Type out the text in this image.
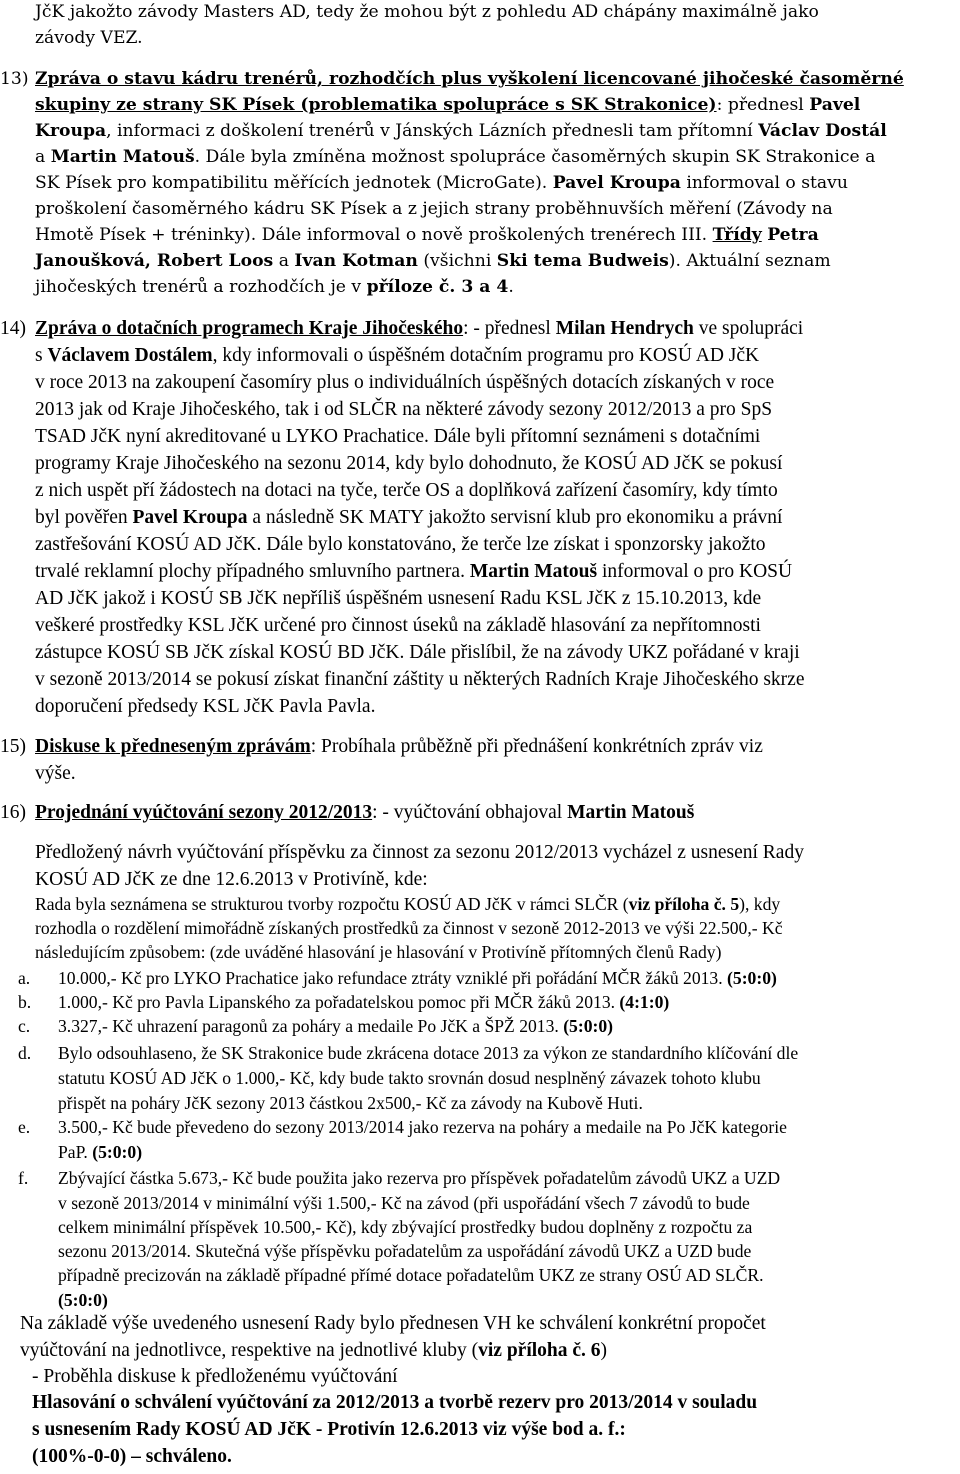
JčK jakožto závody Masters AD, tedy že mohou být z pohledu AD chápány maximálně jako
závody VEZ.
13) Zpráva o stavu kádru trenérů, rozhodčích plus vyškolení licencované jihočeské časoměrné
skupiny ze strany SK Písek (problematika spolupráce s SK Strakonice): přednesl Pavel
Kroupa, informaci z doškolení trenérů v Jánských Lázních přednesli tam přítomní Václav Dostál
a Martin Matouš. Dále byla zmíněna možnost spolupráce časoměrných skupin SK Strakonice a
SK Písek pro kompatibilitu měřících jednotek (MicroGate). Pavel Kroupa informoval o stavu
proškolení časoměrného kádru SK Písek a z jejich strany proběhnuvších měření (Závody na
Hmotě Písek + tréninky). Dále informoval o nově proškolených trenérech III. Třídy Petra
Janoušková, Robert Loos a Ivan Kotman (všichni Ski tema Budweis). Aktuální seznam
jihočeských trenérů a rozhodčích je v příloze č. 3 a 4.
14) Zpráva o dotačních programech Kraje Jihočeského: - přednesl Milan Hendrych ve spolupráci
s Václavem Dostálem, kdy informovali o úspěšném dotačním programu pro KOSÚ AD JčK
v roce 2013 na zakoupení časomíry plus o individuálních úspěšných dotacích získaných v roce
2013 jak od Kraje Jihočeského, tak i od SLČR na některé závody sezony 2012/2013 a pro SpS
TSAD JčK nyní akreditované u LYKO Prachatice. Dále byli přítomní seznámeni s dotačními
programy Kraje Jihočeského na sezonu 2014, kdy bylo dohodnuto, že KOSÚ AD JčK se pokusí
z nich uspět pří žádostech na dotaci na tyče, terče OS a doplňková zařízení časomíry, kdy tímto
byl pověřen Pavel Kroupa a následně SK MATY jakožto servisní klub pro ekonomiku a právní
zastřešování KOSÚ AD JčK. Dále bylo konstatováno, že terče lze získat i sponzorsky jakožto
trvalé reklamní plochy případného smluvního partnera. Martin Matouš informoval o pro KOSÚ
AD JčK jakož i KOSÚ SB JčK nepříliš úspěšném usnesení Radu KSL JčK z 15.10.2013, kde
veškeré prostředky KSL JčK určené pro činnost úseků na základě hlasování za nepřítomnosti
zástupce KOSÚ SB JčK získal KOSÚ BD JčK. Dále přislíbil, že na závody UKZ pořádané v kraji
v sezoně 2013/2014 se pokusí získat finanční záštity u některých Radních Kraje Jihočeského skrze
doporučení předsedy KSL JčK Pavla Pavla.
15) Diskuse k předneseným zprávám: Probíhala průběžně při přednášení konkrétních zpráv viz
výše.
16) Projednání vyúčtování sezony 2012/2013: - vyúčtování obhajoval Martin Matouš
Předložený návrh vyúčtování příspěvku za činnost za sezonu 2012/2013 vycházel z usnesení Rady
KOSÚ AD JčK ze dne 12.6.2013 v Protivíně, kde:
Rada byla seznámena se strukturou tvorby rozpočtu KOSÚ AD JčK v rámci SLČR (viz příloha č. 5), kdy
rozhodla o rozdělení mimořádně získaných prostředků za činnost v sezoně 2012-2013 ve výši 22.500,- Kč
následujícím způsobem: (zde uváděné hlasování je hlasování v Protivíně přítomných členů Rady)
a. 10.000,- Kč pro LYKO Prachatice jako refundace ztráty vzniklé při pořádání MČR žáků 2013. (5:0:0)
b. 1.000,- Kč pro Pavla Lipanského za pořadatelskou pomoc při MČR žáků 2013. (4:1:0)
c. 3.327,- Kč uhrazení paragonů za poháry a medaile Po JčK a ŠPŽ 2013. (5:0:0)
d. Bylo odsouhlaseno, že SK Strakonice bude zkrácena dotace 2013 za výkon ze standardního klíčování dle
statutu KOSÚ AD JčK o 1.000,- Kč, kdy bude takto srovnán dosud nesplněný závazek tohoto klubu
přispět na poháry JčK sezony 2013 částkou 2x500,- Kč za závody na Kubově Huti.
e. 3.500,- Kč bude převedeno do sezony 2013/2014 jako rezerva na poháry a medaile na Po JčK kategorie
PaP. (5:0:0)
f. Zbývající částka 5.673,- Kč bude použita jako rezerva pro příspěvek pořadatelům závodů UKZ a UZD
v sezoně 2013/2014 v minimální výši 1.500,- Kč na závod (při uspořádání všech 7 závodů to bude
celkem minimální příspěvek 10.500,- Kč), kdy zbývající prostředky budou doplněny z rozpočtu za
sezonu 2013/2014. Skutečná výše příspěvku pořadatelům za uspořádání závodů UKZ a UZD bude
případně precizován na základě případné přímé dotace pořadatelům UKZ ze strany OSÚ AD SLČR.
(5:0:0)
Na základě výše uvedeného usnesení Rady bylo přednesen VH ke schválení konkrétní propočet
vyúčtování na jednotlivce, respektive na jednotlivé kluby (viz příloha č. 6)
- Proběhla diskuse k předloženému vyúčtování
Hlasování o schválení vyúčtování za 2012/2013 a tvorbě rezerv pro 2013/2014 v souladu
s usnesením Rady KOSÚ AD JčK - Protivín 12.6.2013 viz výše bod a. f.:
(100%-0-0) – schváleno.
